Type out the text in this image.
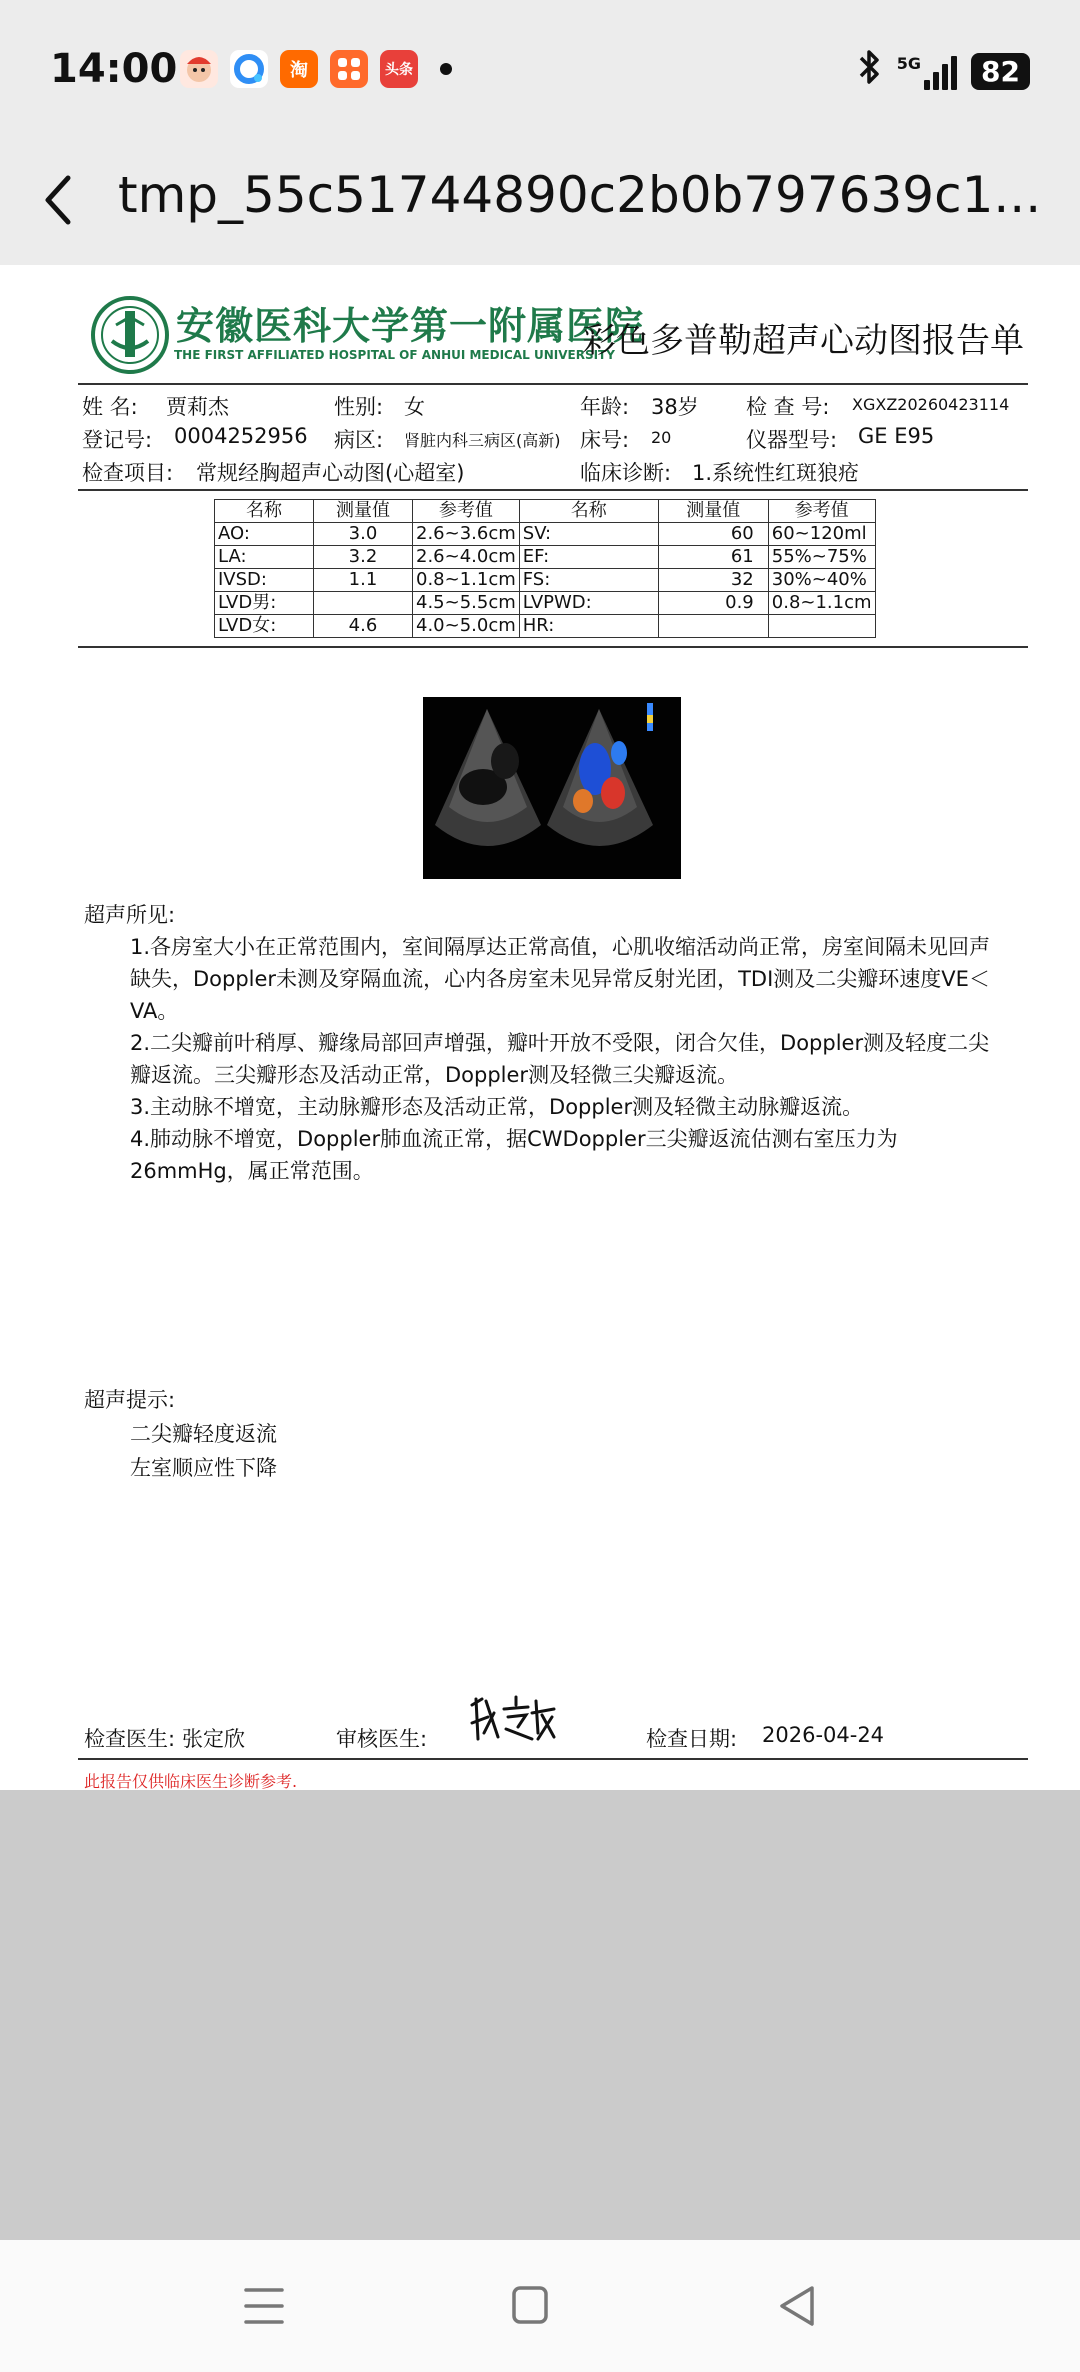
14:00	淘	头条	5G	82
tmp_55c51744890c2b0b797639c1...
安徽医科大学第一附属医院
THE FIRST AFFILIATED HOSPITAL OF ANHUI MEDICAL UNIVERSITY
彩色多普勒超声心动图报告单
姓 名: 贾莉杰	性别: 女	年龄: 38岁 检 查 号: XGXZ20260423114
登记号: 0004252956 病区: 肾脏内科三病区(高新) 床号: 20	仪器型号: GE E95
检查项目: 常规经胸超声心动图(心超室)	临床诊断: 1.系统性红斑狼疮
名称	测量值	参考值	名称	测量值	参考值
AO:	3.0	2.6~3.6cm	SV:	60	60~120ml
LA:	3.2	2.6~4.0cm	EF:	61	55%~75%
IVSD:	1.1	0.8~1.1cm	FS:	32	30%~40%
LVD男:		4.5~5.5cm	LVPWD:	0.9	0.8~1.1cm
LVD女:	4.6	4.0~5.0cm	HR:		
超声所见:

1.各房室大小在正常范围内，室间隔厚达正常高值，心肌收缩活动尚正常，房室间隔未见回声缺失，Doppler未测及穿隔血流，心内各房室未见异常反射光团，TDI测及二尖瓣环速度VE＜VA。

2.二尖瓣前叶稍厚、瓣缘局部回声增强，瓣叶开放不受限，闭合欠佳，Doppler测及轻度二尖瓣返流。三尖瓣形态及活动正常，Doppler测及轻微三尖瓣返流。

3.主动脉不增宽，主动脉瓣形态及活动正常，Doppler测及轻微主动脉瓣返流。

4.肺动脉不增宽，Doppler肺血流正常，据CWDoppler三尖瓣返流估测右室压力为26mmHg，属正常范围。

超声提示:

二尖瓣轻度返流

左室顺应性下降

检查医生: 张定欣	审核医生:	检查日期: 2026-04-24
此报告仅供临床医生诊断参考.
